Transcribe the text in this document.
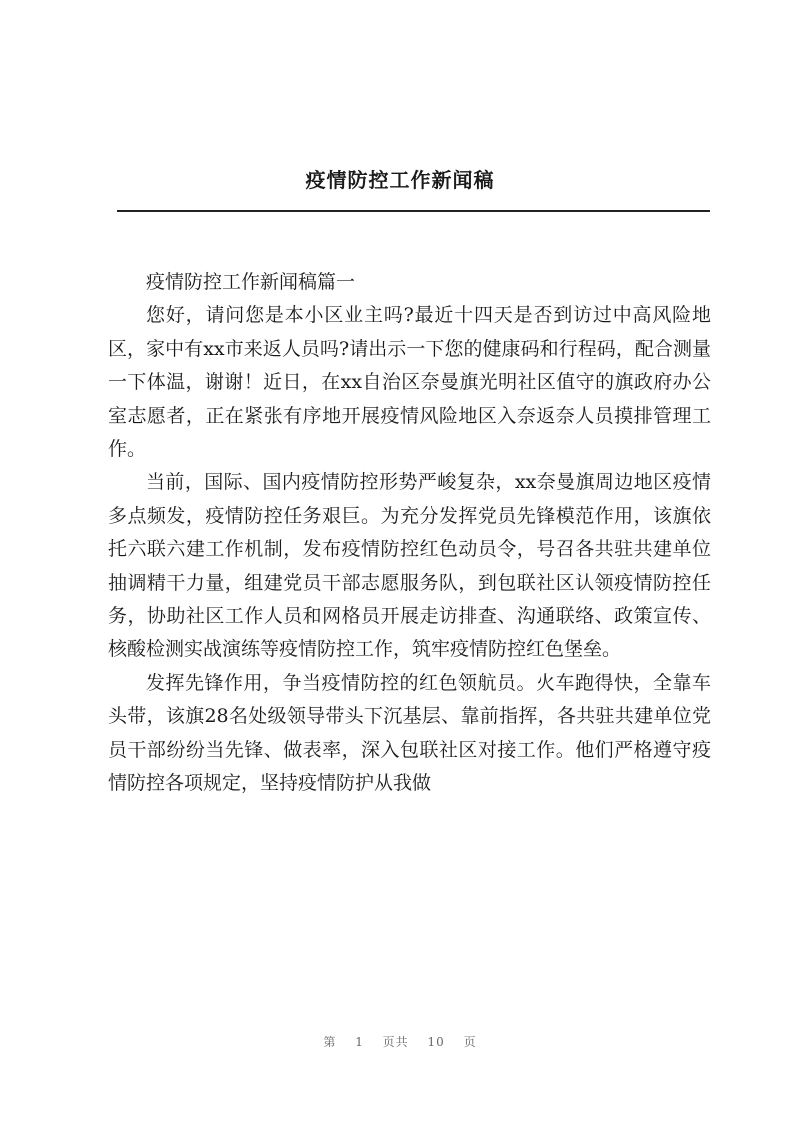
疫情防控工作新闻稿

疫情防控工作新闻稿篇一

您好，请问您是本小区业主吗?最近十四天是否到访过中高风险地区，家中有xx市来返人员吗?请出示一下您的健康码和行程码，配合测量一下体温，谢谢！近日，在xx自治区奈曼旗光明社区值守的旗政府办公室志愿者，正在紧张有序地开展疫情风险地区入奈返奈人员摸排管理工作。

当前，国际、国内疫情防控形势严峻复杂，xx奈曼旗周边地区疫情多点频发，疫情防控任务艰巨。为充分发挥党员先锋模范作用，该旗依托六联六建工作机制，发布疫情防控红色动员令，号召各共驻共建单位抽调精干力量，组建党员干部志愿服务队，到包联社区认领疫情防控任务，协助社区工作人员和网格员开展走访排查、沟通联络、政策宣传、核酸检测实战演练等疫情防控工作，筑牢疫情防控红色堡垒。

发挥先锋作用，争当疫情防控的红色领航员。火车跑得快，全靠车头带，该旗28名处级领导带头下沉基层、靠前指挥，各共驻共建单位党员干部纷纷当先锋、做表率，深入包联社区对接工作。他们严格遵守疫情防控各项规定，坚持疫情防护从我做

第 1 页共 10 页
